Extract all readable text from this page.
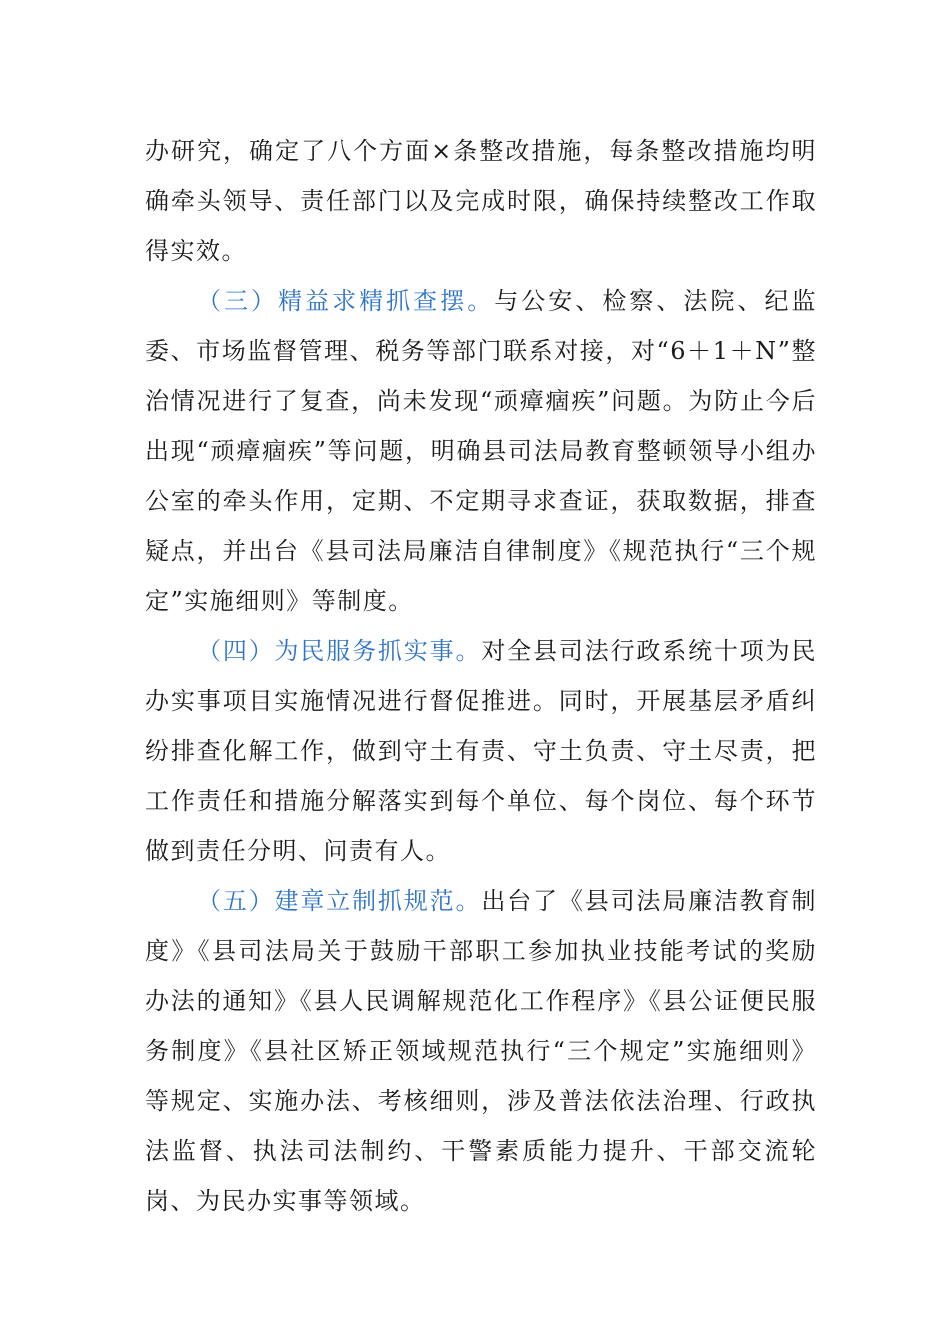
办研究，确定了八个方面×条整改措施，每条整改措施均明确牵头领导、责任部门以及完成时限，确保持续整改工作取得实效。

（三）精益求精抓查摆。与公安、检察、法院、纪监委、市场监督管理、税务等部门联系对接，对“6＋1＋N”整治情况进行了复查，尚未发现“顽瘴痼疾”问题。为防止今后出现“顽瘴痼疾”等问题，明确县司法局教育整顿领导小组办公室的牵头作用，定期、不定期寻求查证，获取数据，排查疑点，并出台《县司法局廉洁自律制度》《规范执行“三个规定”实施细则》等制度。

（四）为民服务抓实事。对全县司法行政系统十项为民办实事项目实施情况进行督促推进。同时，开展基层矛盾纠纷排查化解工作，做到守土有责、守土负责、守土尽责，把工作责任和措施分解落实到每个单位、每个岗位、每个环节做到责任分明、问责有人。

（五）建章立制抓规范。出台了《县司法局廉洁教育制度》《县司法局关于鼓励干部职工参加执业技能考试的奖励办法的通知》《县人民调解规范化工作程序》《县公证便民服务制度》《县社区矫正领域规范执行“三个规定”实施细则》等规定、实施办法、考核细则，涉及普法依法治理、行政执法监督、执法司法制约、干警素质能力提升、干部交流轮岗、为民办实事等领域。
